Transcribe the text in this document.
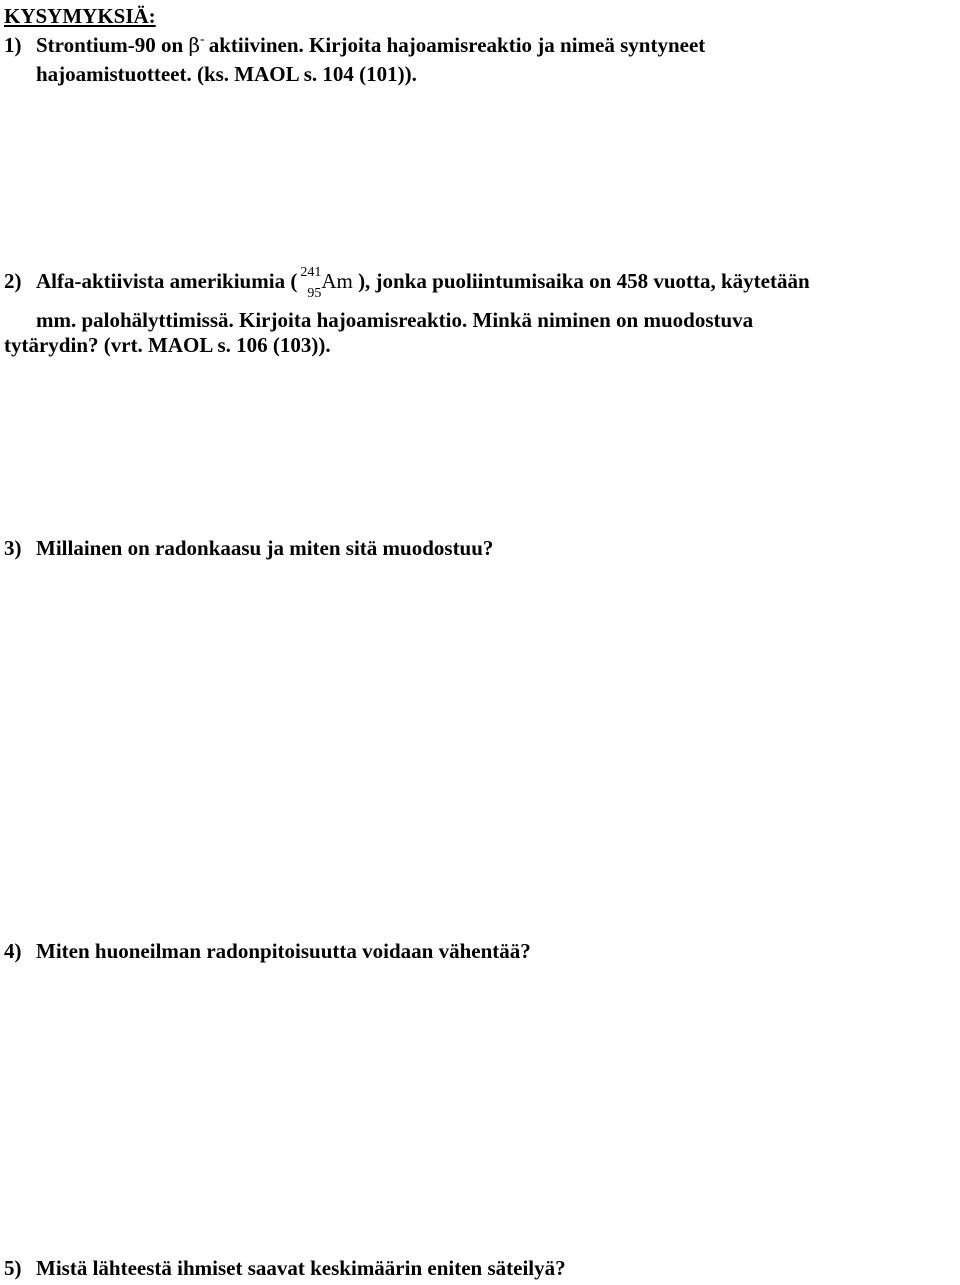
KYSYMYKSIÄ:
1) Strontium-90 on β- aktiivinen. Kirjoita hajoamisreaktio ja nimeä syntyneet
hajoamistuotteet. (ks. MAOL s. 104 (101)).
2) Alfa-aktiivista amerikiumia ( 241
95
Am ), jonka puoliintumisaika on 458 vuotta, käytetään
mm. palohälyttimissä. Kirjoita hajoamisreaktio. Minkä niminen on muodostuva
tytärydin? (vrt. MAOL s. 106 (103)).
3) Millainen on radonkaasu ja miten sitä muodostuu?
4) Miten huoneilman radonpitoisuutta voidaan vähentää?
5) Mistä lähteestä ihmiset saavat keskimäärin eniten säteilyä?
